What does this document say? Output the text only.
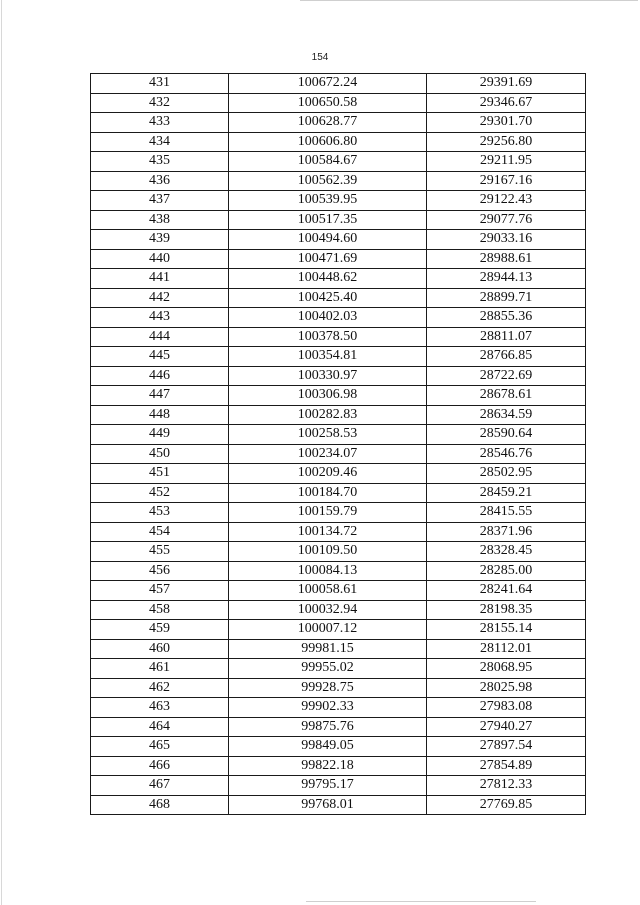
154
431	100672.24	29391.69
432	100650.58	29346.67
433	100628.77	29301.70
434	100606.80	29256.80
435	100584.67	29211.95
436	100562.39	29167.16
437	100539.95	29122.43
438	100517.35	29077.76
439	100494.60	29033.16
440	100471.69	28988.61
441	100448.62	28944.13
442	100425.40	28899.71
443	100402.03	28855.36
444	100378.50	28811.07
445	100354.81	28766.85
446	100330.97	28722.69
447	100306.98	28678.61
448	100282.83	28634.59
449	100258.53	28590.64
450	100234.07	28546.76
451	100209.46	28502.95
452	100184.70	28459.21
453	100159.79	28415.55
454	100134.72	28371.96
455	100109.50	28328.45
456	100084.13	28285.00
457	100058.61	28241.64
458	100032.94	28198.35
459	100007.12	28155.14
460	99981.15	28112.01
461	99955.02	28068.95
462	99928.75	28025.98
463	99902.33	27983.08
464	99875.76	27940.27
465	99849.05	27897.54
466	99822.18	27854.89
467	99795.17	27812.33
468	99768.01	27769.85
